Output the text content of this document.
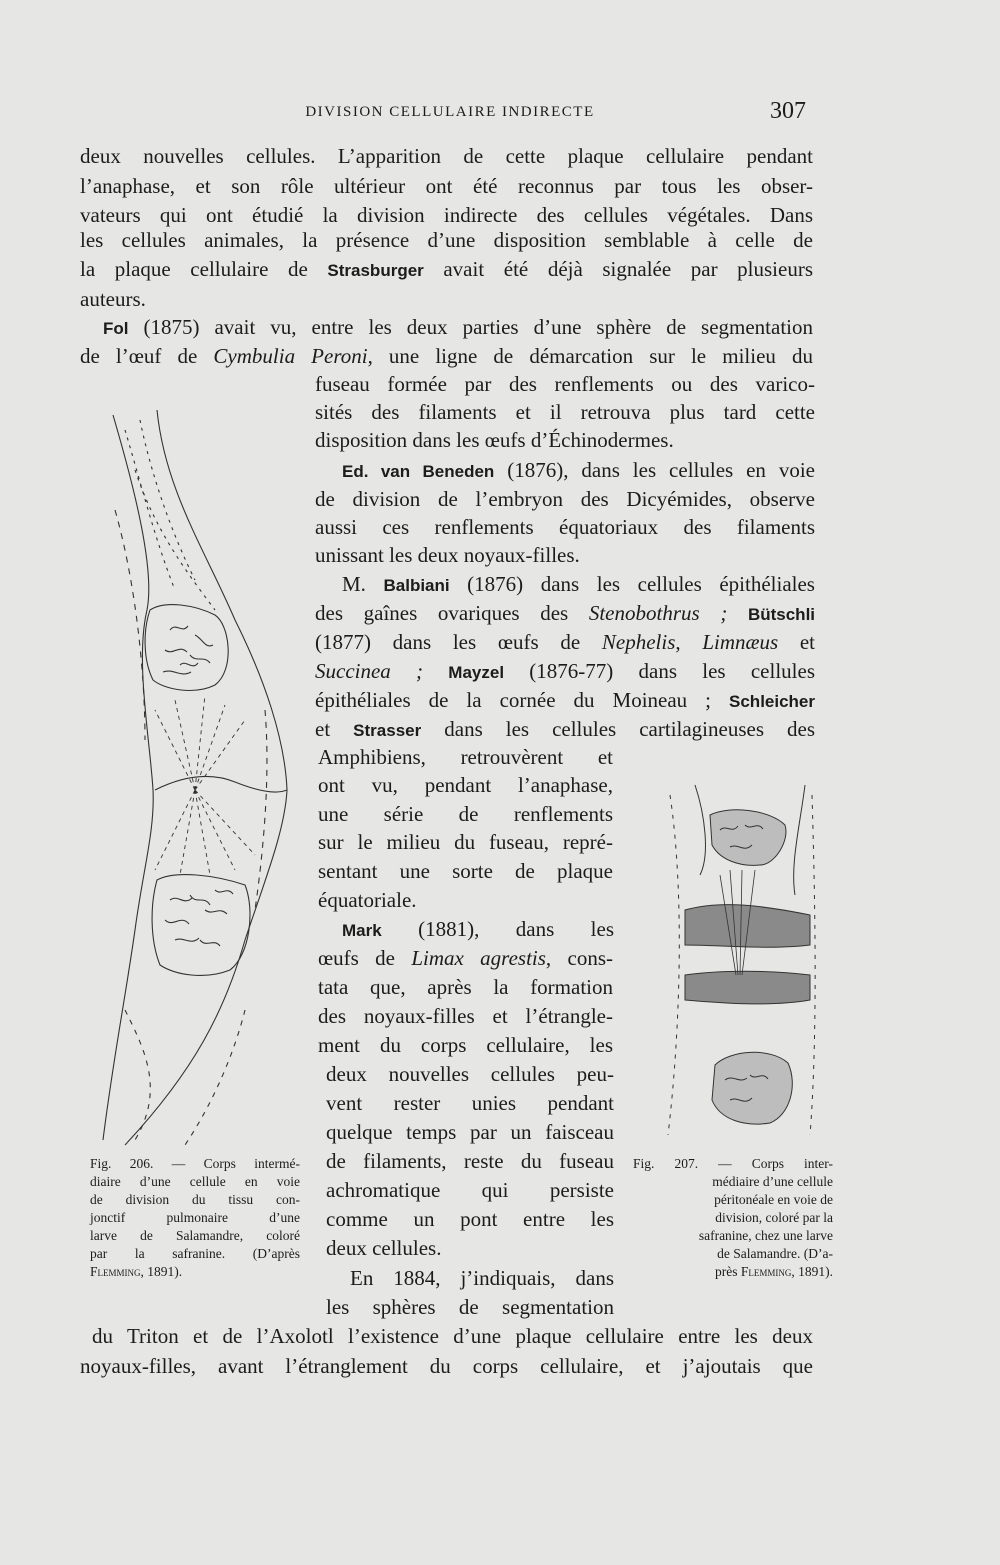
DIVISION CELLULAIRE INDIRECTE	307
deux nouvelles cellules. L’apparition de cette plaque cellulaire pendant
l’anaphase, et son rôle ultérieur ont été reconnus par tous les obser-
vateurs qui ont étudié la division indirecte des cellules végétales. Dans
les cellules animales, la présence d’une disposition semblable à celle de
la plaque cellulaire de Strasburger avait été déjà signalée par plusieurs
auteurs.
Fol (1875) avait vu, entre les deux parties d’une sphère de segmentation
de l’œuf de Cymbulia Peroni, une ligne de démarcation sur le milieu du
fuseau formée par des renflements ou des varico-
sités des filaments et il retrouva plus tard cette
disposition dans les œufs d’Échinodermes.
Ed. van Beneden (1876), dans les cellules en voie
de division de l’embryon des Dicyémides, observe
aussi ces renflements équatoriaux des filaments
unissant les deux noyaux-filles.
M. Balbiani (1876) dans les cellules épithéliales
des gaînes ovariques des Stenobothrus ; Bütschli
(1877) dans les œufs de Nephelis, Limnæus et
Succinea ; Mayzel (1876-77) dans les cellules
épithéliales de la cornée du Moineau ; Schleicher
et Strasser dans les cellules cartilagineuses des
Amphibiens, retrouvèrent et
ont vu, pendant l’anaphase,
une série de renflements
sur le milieu du fuseau, repré-
sentant une sorte de plaque
équatoriale.
Mark (1881), dans les
œufs de Limax agrestis, cons-
tata que, après la formation
des noyaux-filles et l’étrangle-
ment du corps cellulaire, les
deux nouvelles cellules peu-
vent rester unies pendant
quelque temps par un faisceau
de filaments, reste du fuseau
achromatique qui persiste
comme un pont entre les
deux cellules.
En 1884, j’indiquais, dans
les sphères de segmentation
du Triton et de l’Axolotl l’existence d’une plaque cellulaire entre les deux
noyaux-filles, avant l’étranglement du corps cellulaire, et j’ajoutais que
Fig. 206. — Corps intermé-
diaire d’une cellule en voie
de division du tissu con-
jonctif pulmonaire d’une
larve de Salamandre, coloré
par la safranine. (D’après
Flemming, 1891).
Fig. 207. — Corps inter-
médiaire d’une cellule
péritonéale en voie de
division, coloré par la
safranine, chez une larve
de Salamandre. (D’a-
près Flemming, 1891).
